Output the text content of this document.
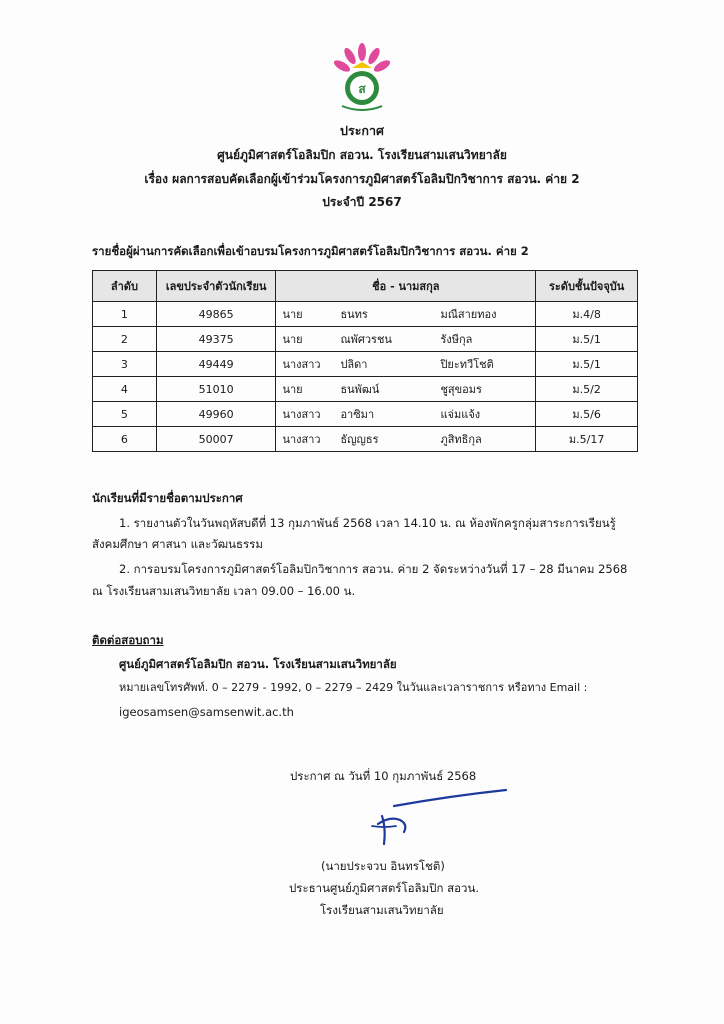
ส
ประกาศ
ศูนย์ภูมิศาสตร์โอลิมปิก สอวน. โรงเรียนสามเสนวิทยาลัย
เรื่อง ผลการสอบคัดเลือกผู้เข้าร่วมโครงการภูมิศาสตร์โอลิมปิกวิชาการ สอวน. ค่าย 2
ประจำปี 2567
รายชื่อผู้ผ่านการคัดเลือกเพื่อเข้าอบรมโครงการภูมิศาสตร์โอลิมปิกวิชาการ สอวน. ค่าย 2
ลำดับ	เลขประจำตัวนักเรียน	ชื่อ - นามสกุล	ระดับชั้นปัจจุบัน
1	49865	นาย ธนทร มณีสายทอง	ม.4/8
2	49375	นาย ณพัศวรชน รังษีกุล	ม.5/1
3	49449	นางสาว ปลิดา ปิยะทวีโชติ	ม.5/1
4	51010	นาย ธนพัฒน์ ชูสุขอมร	ม.5/2
5	49960	นางสาว อาซิมา แจ่มแจ้ง	ม.5/6
6	50007	นางสาว ธัญญธร ภูสิทธิกุล	ม.5/17
นักเรียนที่มีรายชื่อตามประกาศ
1. รายงานตัวในวันพฤหัสบดีที่ 13 กุมภาพันธ์ 2568 เวลา 14.10 น. ณ ห้องพักครูกลุ่มสาระการเรียนรู้
สังคมศึกษา ศาสนา และวัฒนธรรม
2. การอบรมโครงการภูมิศาสตร์โอลิมปิกวิชาการ สอวน. ค่าย 2 จัดระหว่างวันที่ 17 – 28 มีนาคม 2568
ณ โรงเรียนสามเสนวิทยาลัย เวลา 09.00 – 16.00 น.
ติดต่อสอบถาม
ศูนย์ภูมิศาสตร์โอลิมปิก สอวน. โรงเรียนสามเสนวิทยาลัย
หมายเลขโทรศัพท์. 0 – 2279 - 1992, 0 – 2279 – 2429 ในวันและเวลาราชการ หรือทาง Email :
igeosamsen@samsenwit.ac.th
ประกาศ ณ วันที่ 10 กุมภาพันธ์ 2568
(นายประจวบ อินทรโชติ)
ประธานศูนย์ภูมิศาสตร์โอลิมปิก สอวน.
โรงเรียนสามเสนวิทยาลัย
